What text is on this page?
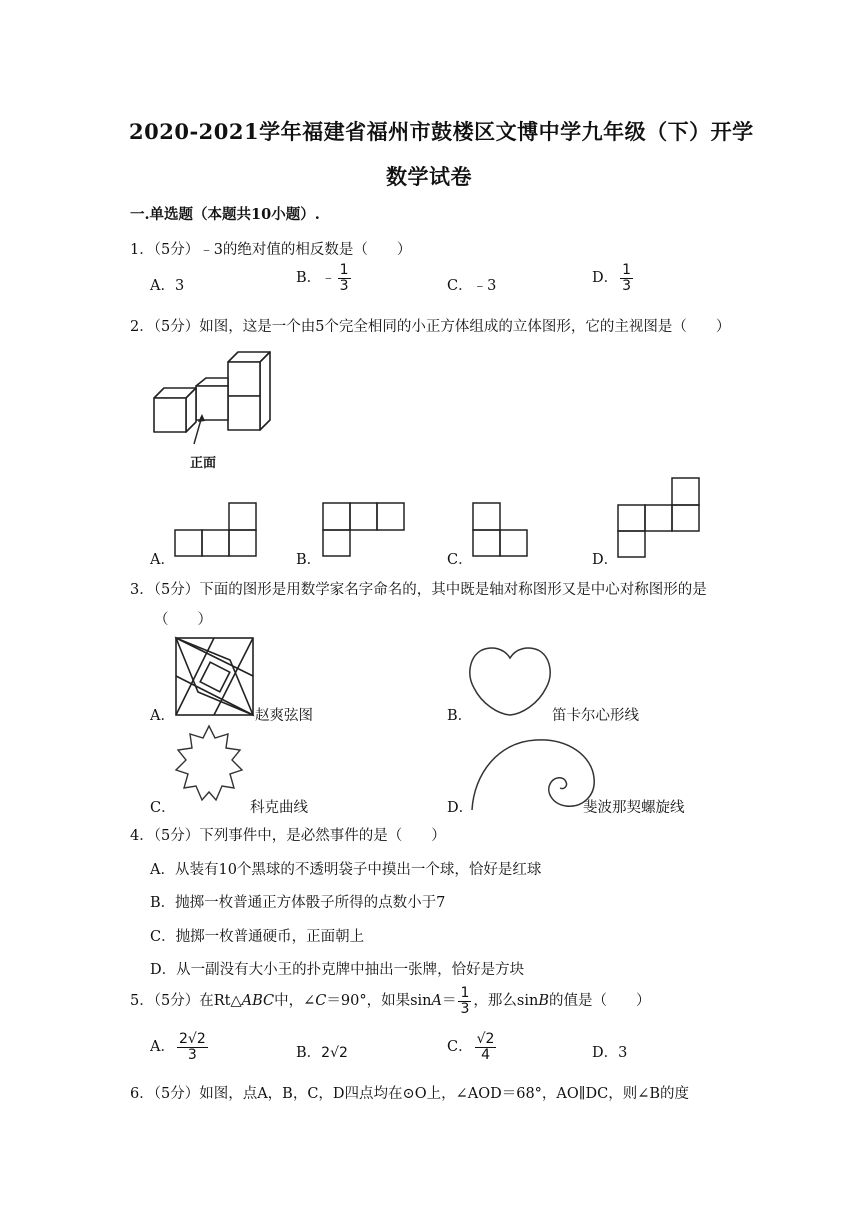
2020-2021学年福建省福州市鼓楼区文博中学九年级（下）开学
数学试卷
一.单选题（本题共10小题）.
1．（5分）﹣3的绝对值的相反数是（　　）
A．3	B．﹣ $\frac{1}{3}$	C．﹣3	D． $\frac{1}{3}$
2．（5分）如图，这是一个由5个完全相同的小正方体组成的立体图形，它的主视图是（　　）
正面
A．	B．	C．	D．
3．（5分）下面的图形是用数学家名字命名的，其中既是轴对称图形又是中心对称图形的是
（　　）
A．	赵爽弦图	B．	笛卡尔心形线
C．	科克曲线	D．	斐波那契螺旋线
4．（5分）下列事件中，是必然事件的是（　　）
A．从装有10个黑球的不透明袋子中摸出一个球，恰好是红球
B．抛掷一枚普通正方体骰子所得的点数小于7
C．抛掷一枚普通硬币，正面朝上
D．从一副没有大小王的扑克牌中抽出一张牌，恰好是方块
5．（5分）在Rt△ABC中，∠C＝90°，如果$\sin A= \frac{1}{3}$ ，那么sinB的值是（　　）
A． $\frac{2√2}{3}$	B．2√2	C． $\frac{√2}{4}$	D．3
6．（5分）如图，点A，B，C，D四点均在⊙O上，∠AOD＝68°，AO∥DC，则∠B的度
